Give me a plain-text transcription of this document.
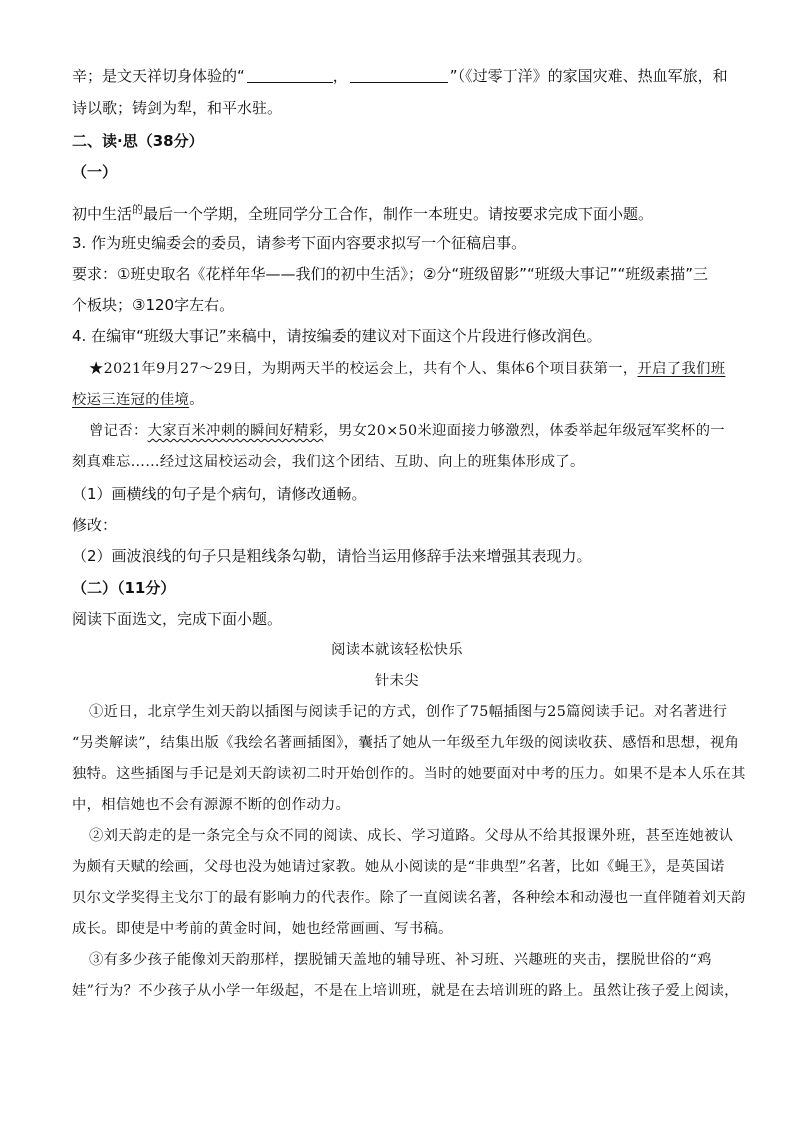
辛；是文天祥切身体验的“	，	”（《过零丁洋》的家国灾难、热血军旅，和
诗以歌；铸剑为犁，和平水驻。
二、读·思（38分）
（一）
初中生活$^的$最后一个学期，全班同学分工合作，制作一本班史。请按要求完成下面小题。
3. 作为班史编委会的委员，请参考下面内容要求拟写一个征稿启事。
要求：①班史取名《花样年华——我们的初中生活》；②分“班级留影”“班级大事记”“班级素描”三
个板块；③120字左右。
4. 在编审“班级大事记”来稿中，请按编委的建议对下面这个片段进行修改润色。
★2021年9月27～29日，为期两天半的校运会上，共有个人、集体6个项目获第一，开启了我们班
校运三连冠的佳境。
曾记否：大家百米冲刺的瞬间好精彩，男女20×50米迎面接力够激烈，体委举起年级冠军奖杯的一
刻真难忘……经过这届校运动会，我们这个团结、互助、向上的班集体形成了。
（1）画横线的句子是个病句，请修改通畅。
修改：
（2）画波浪线的句子只是粗线条勾勒，请恰当运用修辞手法来增强其表现力。
（二）（11分）
阅读下面选文，完成下面小题。
阅读本就该轻松快乐
针未尖
①近日，北京学生刘天韵以插图与阅读手记的方式，创作了75幅插图与25篇阅读手记。对名著进行
“另类解读”，结集出版《我绘名著画插图》，囊括了她从一年级至九年级的阅读收获、感悟和思想，视角
独特。这些插图与手记是刘天韵读初二时开始创作的。当时的她要面对中考的压力。如果不是本人乐在其
中，相信她也不会有源源不断的创作动力。
②刘天韵走的是一条完全与众不同的阅读、成长、学习道路。父母从不给其报课外班，甚至连她被认
为颇有天赋的绘画，父母也没为她请过家教。她从小阅读的是“非典型”名著，比如《蝇王》，是英国诺
贝尔文学奖得主戈尔丁的最有影响力的代表作。除了一直阅读名著，各种绘本和动漫也一直伴随着刘天韵
成长。即使是中考前的黄金时间，她也经常画画、写书稿。
③有多少孩子能像刘天韵那样，摆脱铺天盖地的辅导班、补习班、兴趣班的夹击，摆脱世俗的“鸡
娃”行为？不少孩子从小学一年级起，不是在上培训班，就是在去培训班的路上。虽然让孩子爱上阅读，
